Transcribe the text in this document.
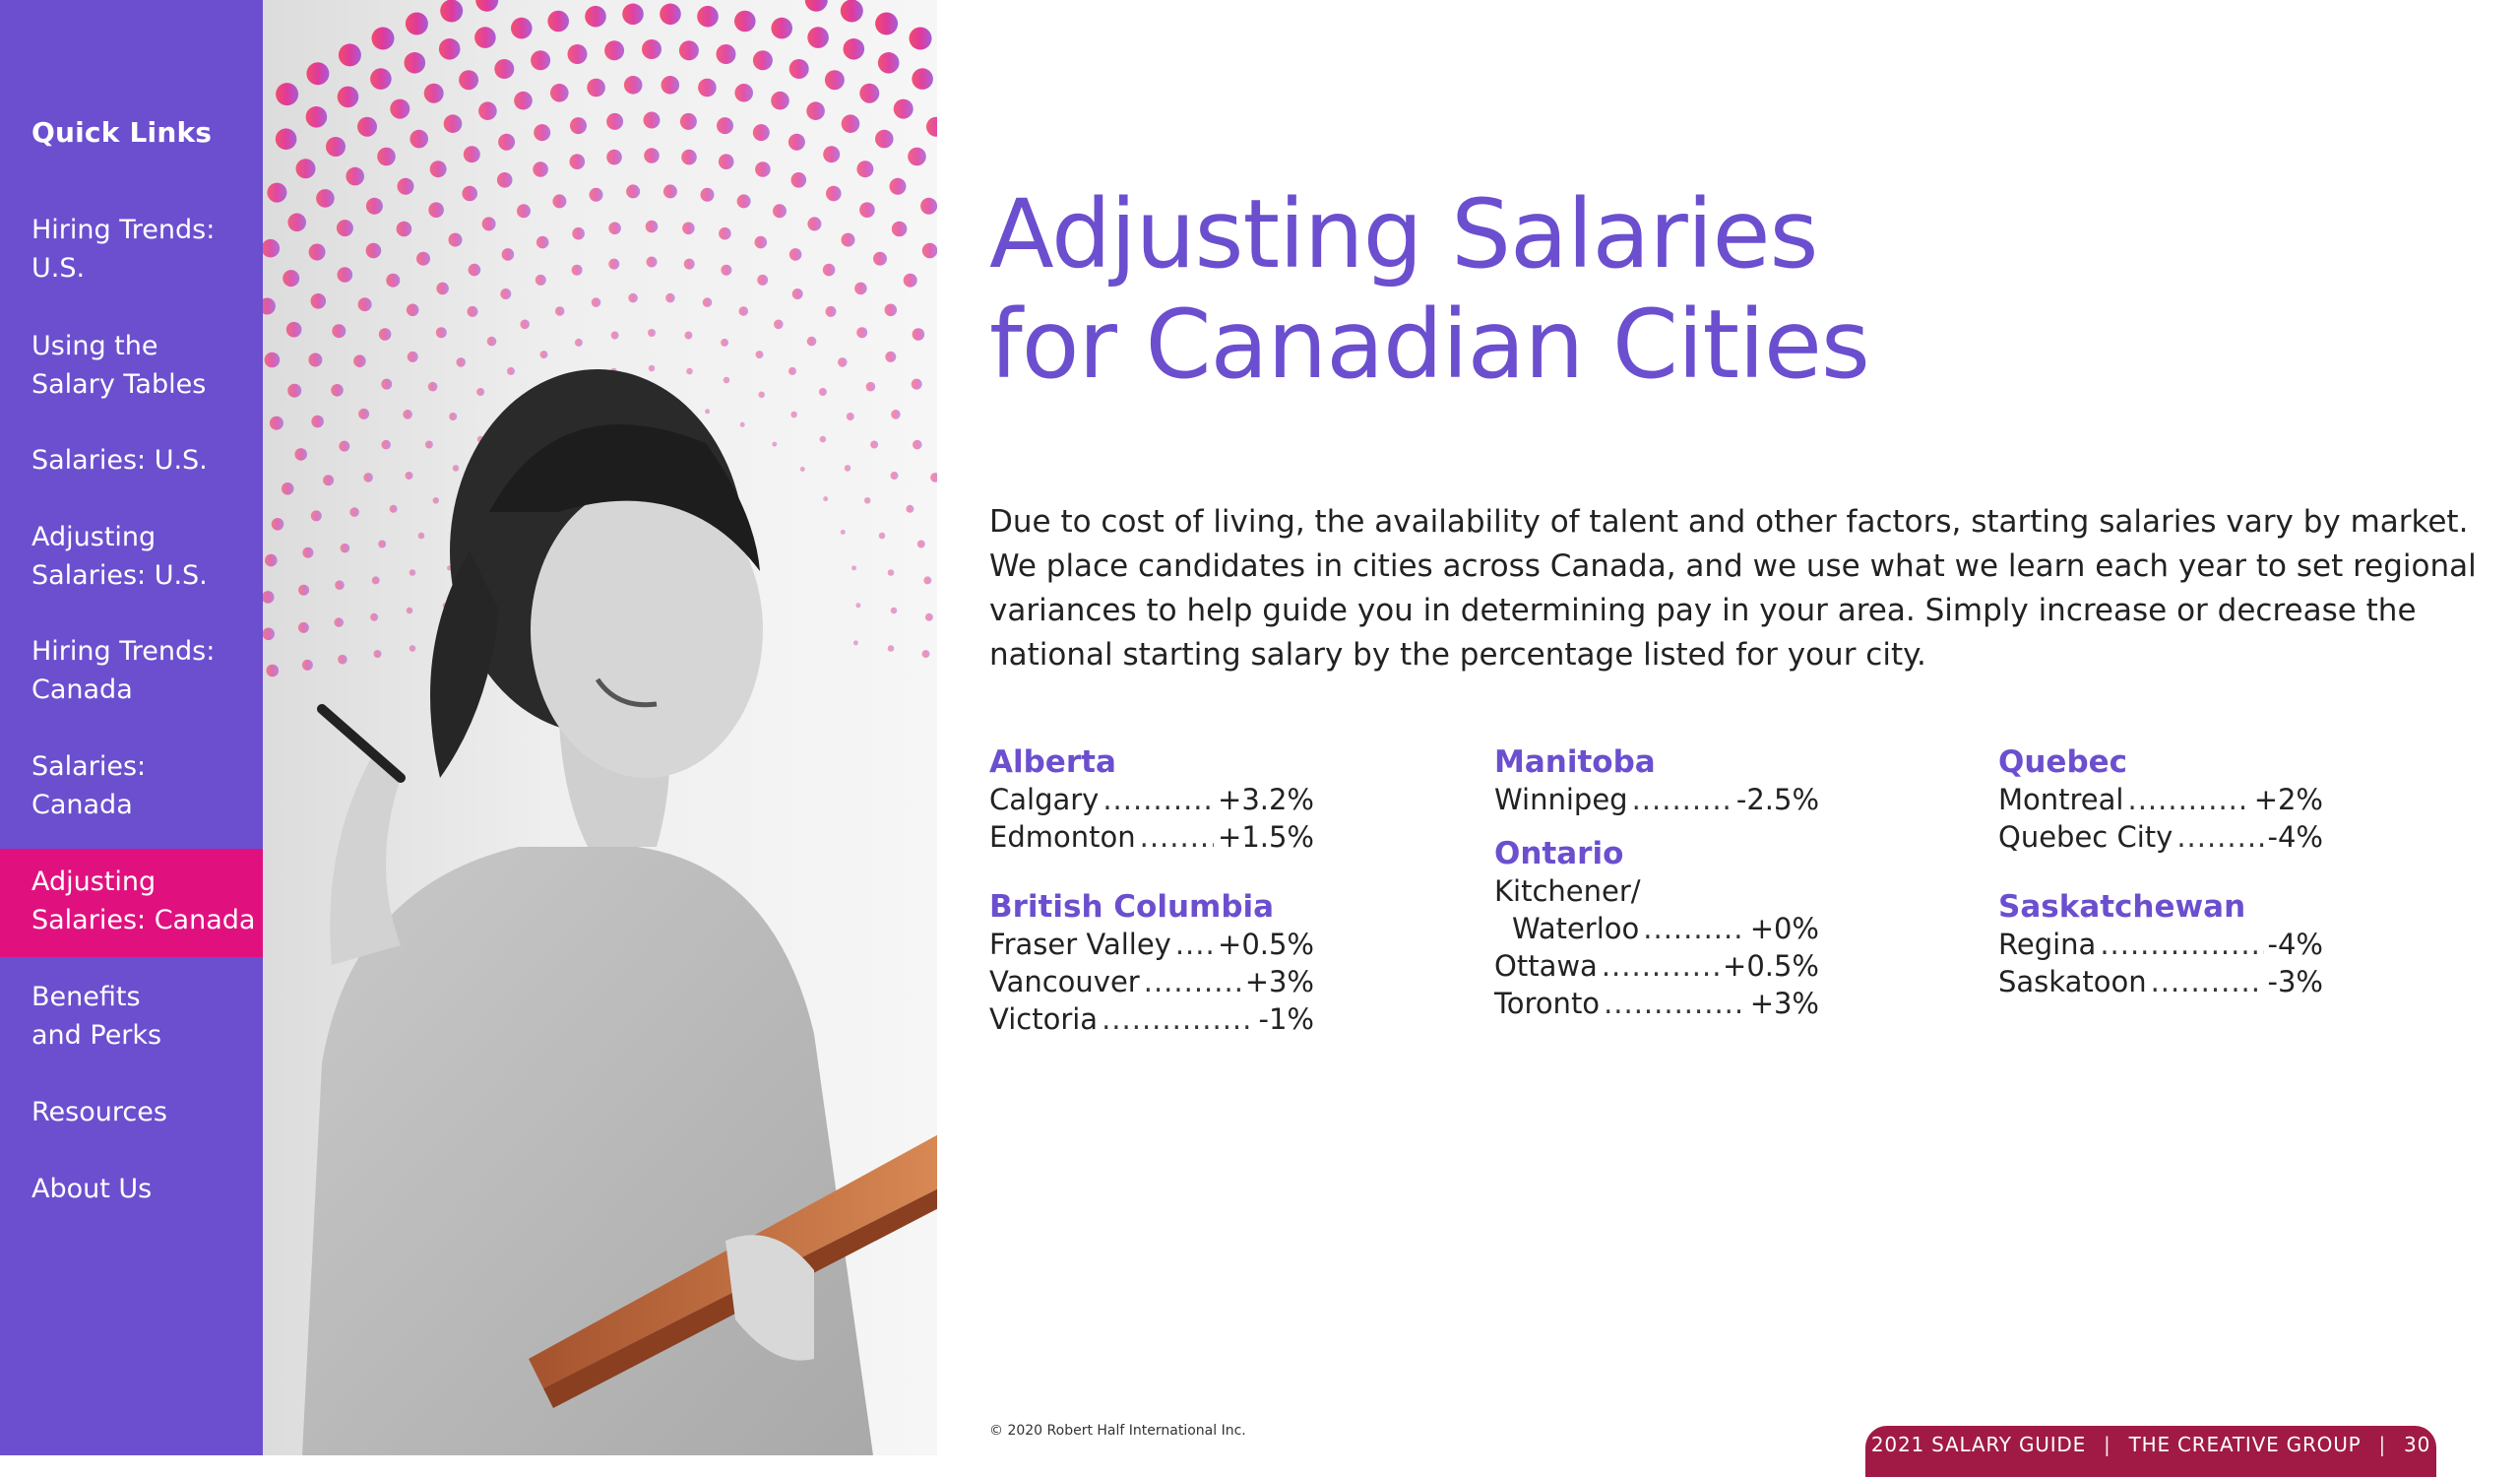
Quick Links
Hiring Trends:
U.S.
Using the
Salary Tables
Salaries: U.S.
Adjusting
Salaries: U.S.
Hiring Trends:
Canada
Salaries:
Canada
Adjusting
Salaries: Canada
Benefits
and Perks
Resources
About Us
Adjusting Salaries
for Canadian Cities
Due to cost of living, the availability of talent and other factors, starting salaries vary by market.
We place candidates in cities across Canada, and we use what we learn each year to set regional
variances to help guide you in determining pay in your area. Simply increase or decrease the
national starting salary by the percentage listed for your city.

Alberta

Calgary .....	+3.2%
Edmonton .....	+1.5%

British Columbia

Fraser Valley ..... +0.5%
Vancouver .....	+3%
Victoria .....	-1%

Manitoba

Winnipeg .....	-2.5%

Ontario

Kitchener/
Waterloo .....	+0%
Ottawa .....	+0.5%
Toronto .....	+3%

Quebec

Montreal .....	+2%
Quebec City .....	-4%

Saskatchewan

Regina .....	-4%
Saskatoon .....	-3%
© 2020 Robert Half International Inc.
2021 SALARY GUIDE | THE CREATIVE GROUP | 30
